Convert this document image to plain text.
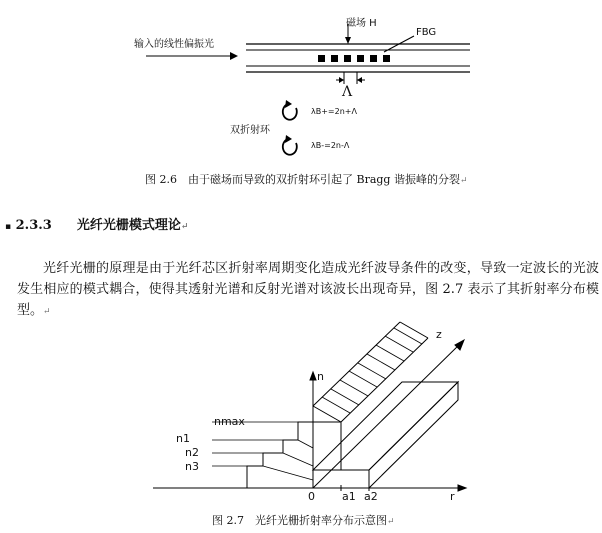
输入的线性偏振光
磁场 H
FBG
Λ
双折射环
λB+=2n+Λ
λB-=2n-Λ
图 2.6　由于磁场而导致的双折射环引起了 Bragg 谐振峰的分裂↵
▪ 2.3.3 光纤光栅模式理论↵
光纤光栅的原理是由于光纤芯区折射率周期变化造成光纤波导条件的改变，导致一定波长的光波发生相应的模式耦合，使得其透射光谱和反射光谱对该波长出现奇异，图 2.7 表示了其折射率分布模型。↵
n
z
r
nmax
n1
n2
n3
0 a1 a2
图 2.7　光纤光栅折射率分布示意图↵
